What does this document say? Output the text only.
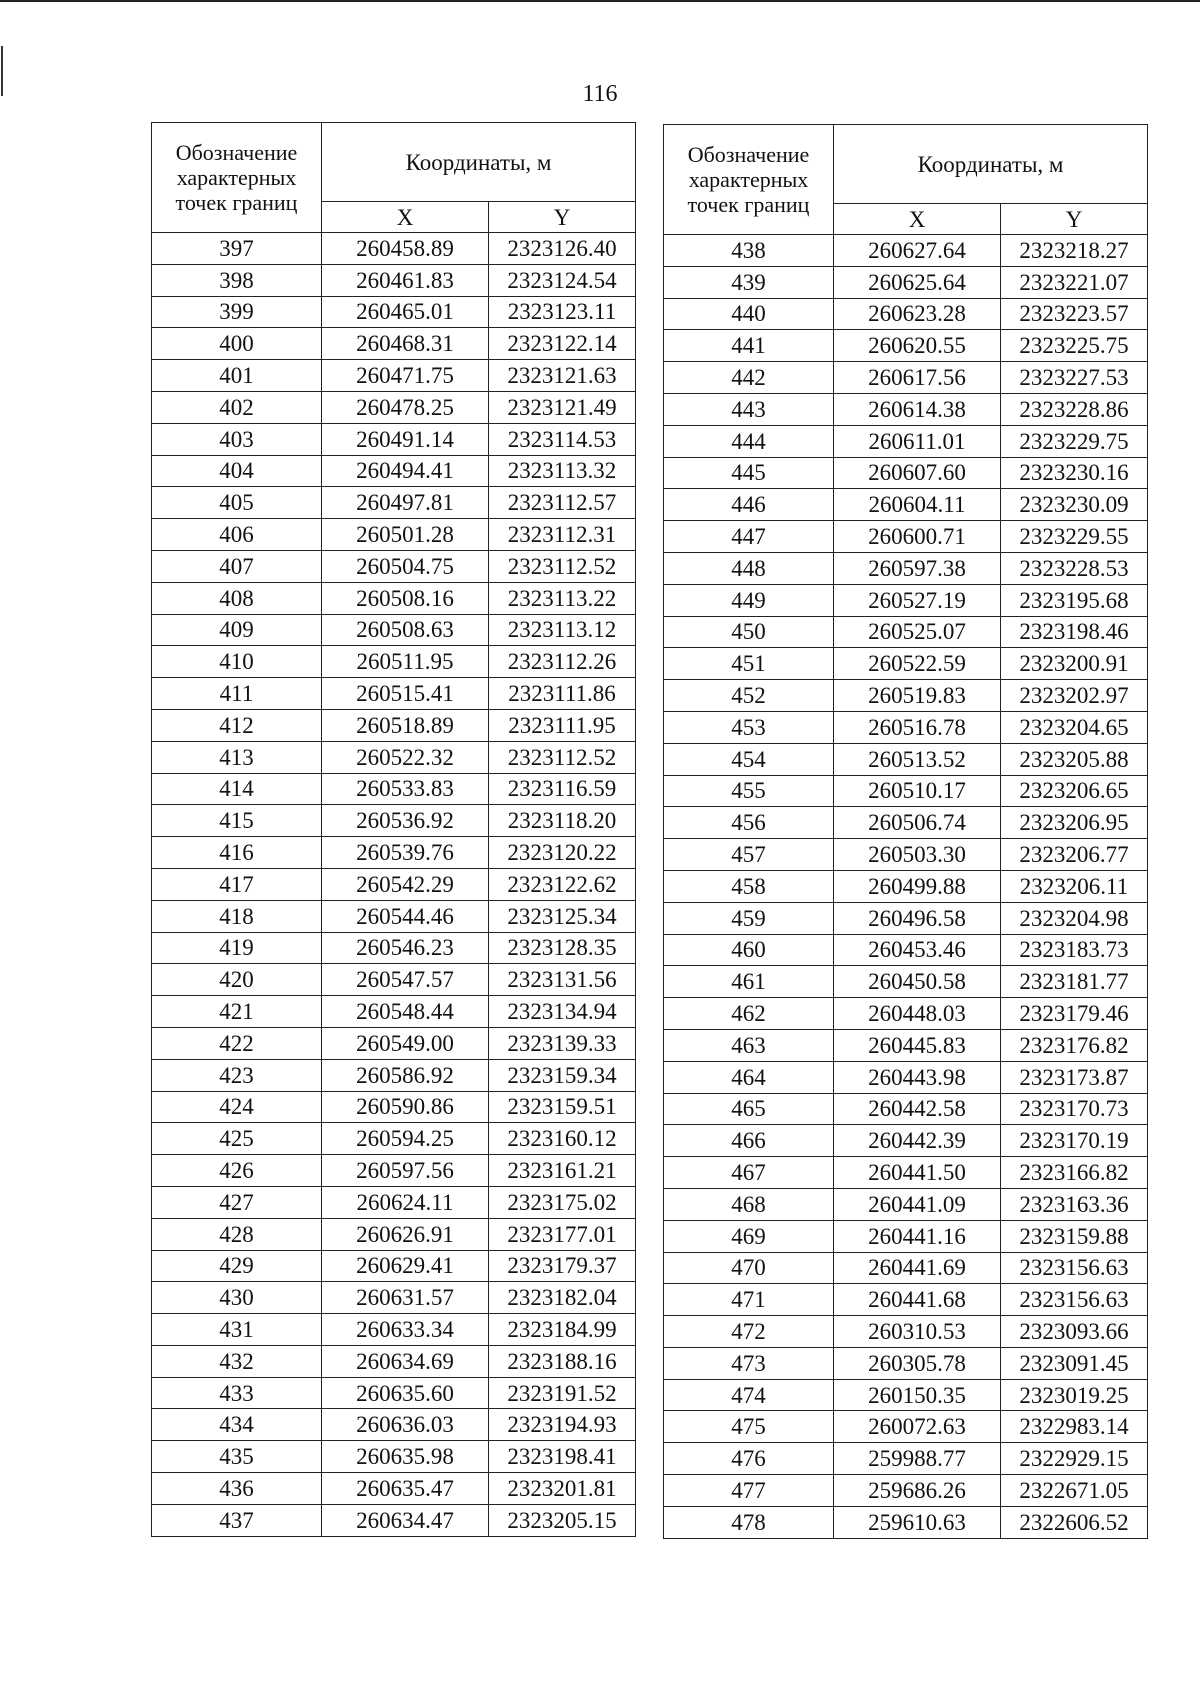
116
Обозначение характерных точек границ	Координаты, м	
	X	Y
397	260458.89	2323126.40
398	260461.83	2323124.54
399	260465.01	2323123.11
400	260468.31	2323122.14
401	260471.75	2323121.63
402	260478.25	2323121.49
403	260491.14	2323114.53
404	260494.41	2323113.32
405	260497.81	2323112.57
406	260501.28	2323112.31
407	260504.75	2323112.52
408	260508.16	2323113.22
409	260508.63	2323113.12
410	260511.95	2323112.26
411	260515.41	2323111.86
412	260518.89	2323111.95
413	260522.32	2323112.52
414	260533.83	2323116.59
415	260536.92	2323118.20
416	260539.76	2323120.22
417	260542.29	2323122.62
418	260544.46	2323125.34
419	260546.23	2323128.35
420	260547.57	2323131.56
421	260548.44	2323134.94
422	260549.00	2323139.33
423	260586.92	2323159.34
424	260590.86	2323159.51
425	260594.25	2323160.12
426	260597.56	2323161.21
427	260624.11	2323175.02
428	260626.91	2323177.01
429	260629.41	2323179.37
430	260631.57	2323182.04
431	260633.34	2323184.99
432	260634.69	2323188.16
433	260635.60	2323191.52
434	260636.03	2323194.93
435	260635.98	2323198.41
436	260635.47	2323201.81
437	260634.47	2323205.15
Обозначение характерных точек границ	Координаты, м	
	X	Y
438	260627.64	2323218.27
439	260625.64	2323221.07
440	260623.28	2323223.57
441	260620.55	2323225.75
442	260617.56	2323227.53
443	260614.38	2323228.86
444	260611.01	2323229.75
445	260607.60	2323230.16
446	260604.11	2323230.09
447	260600.71	2323229.55
448	260597.38	2323228.53
449	260527.19	2323195.68
450	260525.07	2323198.46
451	260522.59	2323200.91
452	260519.83	2323202.97
453	260516.78	2323204.65
454	260513.52	2323205.88
455	260510.17	2323206.65
456	260506.74	2323206.95
457	260503.30	2323206.77
458	260499.88	2323206.11
459	260496.58	2323204.98
460	260453.46	2323183.73
461	260450.58	2323181.77
462	260448.03	2323179.46
463	260445.83	2323176.82
464	260443.98	2323173.87
465	260442.58	2323170.73
466	260442.39	2323170.19
467	260441.50	2323166.82
468	260441.09	2323163.36
469	260441.16	2323159.88
470	260441.69	2323156.63
471	260441.68	2323156.63
472	260310.53	2323093.66
473	260305.78	2323091.45
474	260150.35	2323019.25
475	260072.63	2322983.14
476	259988.77	2322929.15
477	259686.26	2322671.05
478	259610.63	2322606.52
